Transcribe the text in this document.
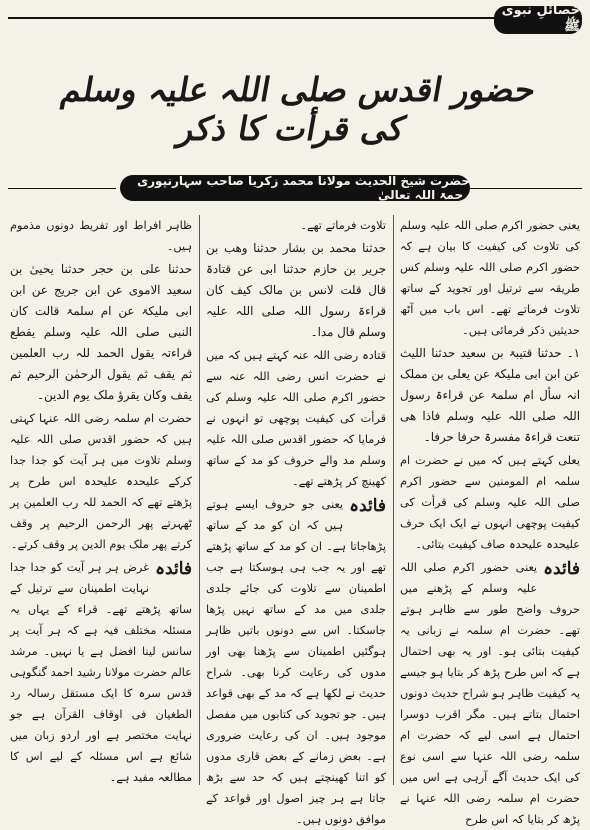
خصائلِ نبوی ﷺ
حضور اقدس صلی اللہ علیہ وسلم کی قرأت کا ذکر
حضرت شیخ الحدیث مولانا محمد زکریا صاحب سہارنپوری رحمۃ اللہ تعالیٰ

یعنی حضور اکرم صلی اللہ علیہ وسلم کی تلاوت کی کیفیت کا بیان ہے کہ حضور اکرم صلی اللہ علیہ وسلم کس طریقہ سے ترتیل اور تجوید کے ساتھ تلاوت فرماتے تھے۔ اس باب میں آٹھ حدیثیں ذکر فرمائی ہیں۔

۱۔ حدثنا قتیبۃ بن سعید حدثنا اللیث عن ابن ابی ملیکۃ عن یعلی بن مملک انہ سأل ام سلمۃ عن قراءۃ رسول اللہ صلی اللہ علیہ وسلم فاذا ھی تنعت قراءۃ مفسرۃ حرفا حرفا۔

یعلی کہتے ہیں کہ میں نے حضرت ام سلمہ ام المومنین سے حضور اکرم صلی اللہ علیہ وسلم کی قرأت کی کیفیت پوچھی انہوں نے ایک ایک حرف علیحدہ علیحدہ صاف کیفیت بتائی۔

فائدہ
یعنی حضور اکرم صلی اللہ علیہ وسلم کے پڑھنے میں حروف واضح طور سے ظاہر ہوتے تھے۔ حضرت ام سلمہ نے زبانی یہ کیفیت بتائی ہو۔ اور یہ بھی احتمال ہے کہ اس طرح پڑھ کر بتایا ہو جیسے یہ کیفیت ظاہر ہو شراح حدیث دونوں احتمال بتاتے ہیں۔ مگر اقرب دوسرا احتمال ہے اسی لیے کہ حضرت ام سلمہ رضی اللہ عنہا سے اسی نوع کی ایک حدیث آگے آرہی ہے اس میں حضرت ام سلمہ رضی اللہ عنہا نے پڑھ کر بتایا کہ اس طرح

تلاوت فرماتے تھے۔

حدثنا محمد بن بشار حدثنا وھب بن جریر بن حازم حدثنا ابی عن قتادۃ قال قلت لانس بن مالک کیف کان قراءۃ رسول اللہ صلی اللہ علیہ وسلم قال مدا۔

قتادہ رضی اللہ عنہ کہتے ہیں کہ میں نے حضرت انس رضی اللہ عنہ سے حضور اکرم صلی اللہ علیہ وسلم کی قرأت کی کیفیت پوچھی تو انہوں نے فرمایا کہ حضور اقدس صلی اللہ علیہ وسلم مد والے حروف کو مد کے ساتھ کھینچ کر پڑھتے تھے۔

فائدہ
یعنی جو حروف ایسے ہوتے ہیں کہ ان کو مد کے ساتھ پڑھاجاتا ہے۔ ان کو مد کے ساتھ پڑھتے تھے اور یہ جب ہی ہوسکتا ہے جب اطمینان سے تلاوت کی جائے جلدی جلدی میں مد کے ساتھ نہیں پڑھا جاسکتا۔ اس سے دونوں باتیں ظاہر ہوگئیں اطمینان سے پڑھنا بھی اور مدوں کی رعایت کرنا بھی۔ شراح حدیث نے لکھا ہے کہ مد کے بھی قواعد ہیں۔ جو تجوید کی کتابوں میں مفصل موجود ہیں۔ ان کی رعایت ضروری ہے۔ بعض زمانے کے بعض قاری مدوں کو اتنا کھینچتے ہیں کہ حد سے بڑھ جاتا ہے ہر چیز اصول اور قواعد کے موافق دونوں ہیں۔

ظاہر افراط اور تفریط دونوں مذموم ہیں۔

حدثنا علی بن حجر حدثنا یحییٰ بن سعید الاموی عن ابن جریج عن ابن ابی ملیکۃ عن ام سلمۃ قالت کان النبی صلی اللہ علیہ وسلم یقطع قراءتہ یقول الحمد للہ رب العلمین ثم یقف ثم یقول الرحمٰن الرحیم ثم یقف وکان یقرؤ ملک یوم الدین۔

حضرت ام سلمہ رضی اللہ عنہا کہتی ہیں کہ حضور اقدس صلی اللہ علیہ وسلم تلاوت میں ہر آیت کو جدا جدا کرکے علیحدہ علیحدہ اس طرح پر پڑھتے تھے کہ الحمد للہ رب العلمین پر ٹھہرتے پھر الرحمن الرحیم پر وقف کرتے پھر ملک یوم الدین پر وقف کرتے۔

فائدہ
غرض ہر ہر آیت کو جدا جدا نہایت اطمینان سے ترتیل کے ساتھ پڑھتے تھے۔ قراء کے یہاں یہ مسئلہ مختلف فیہ ہے کہ ہر آیت پر سانس لینا افضل ہے یا نہیں۔ مرشد عالم حضرت مولانا رشید احمد گنگوہی قدس سرہ کا ایک مستقل رسالہ رد الطغیان فی اوقاف القرآن ہے جو نہایت مختصر ہے اور اردو زبان میں شائع ہے اس مسئلہ کے لیے اس کا مطالعہ مفید ہے۔
